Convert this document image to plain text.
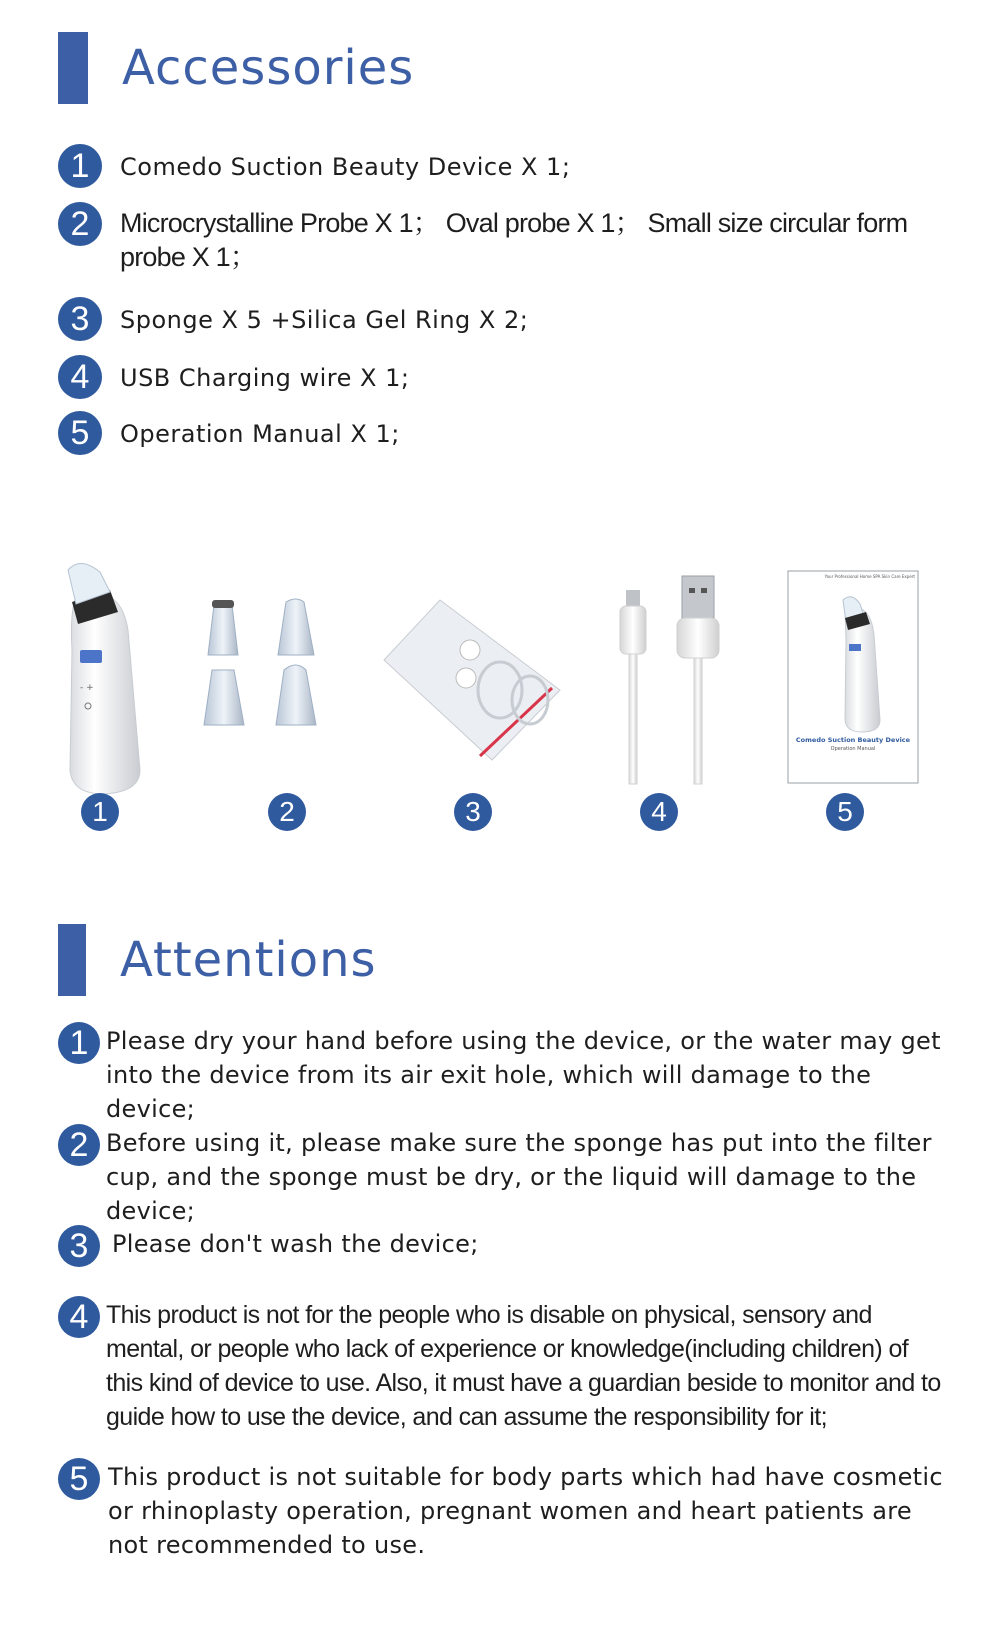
Accessories
1	Comedo Suction Beauty Device X 1;
2	Microcrystalline Probe X 1； Oval probe X 1； Small size circular form probe X 1；
3	Sponge X 5 +Silica Gel Ring X 2;
4	USB Charging wire X 1;
5	Operation Manual X 1;
- +
Your Professional Home SPA Skin Care Expert
Comedo Suction Beauty Device
Operation Manual
1	2	3	4	5
Attentions
1 Please dry your hand before using the device, or the water may get into the device from its air exit hole, which will damage to the device;
2 Before using it, please make sure the sponge has put into the filter cup, and the sponge must be dry, or the liquid will damage to the device;
3 Please don't wash the device;
4 This product is not for the people who is disable on physical, sensory and mental, or people who lack of experience or knowledge(including children) of this kind of device to use. Also, it must have a guardian beside to monitor and to guide how to use the device, and can assume the responsibility for it;
5 This product is not suitable for body parts which had have cosmetic or rhinoplasty operation, pregnant women and heart patients are not recommended to use.
